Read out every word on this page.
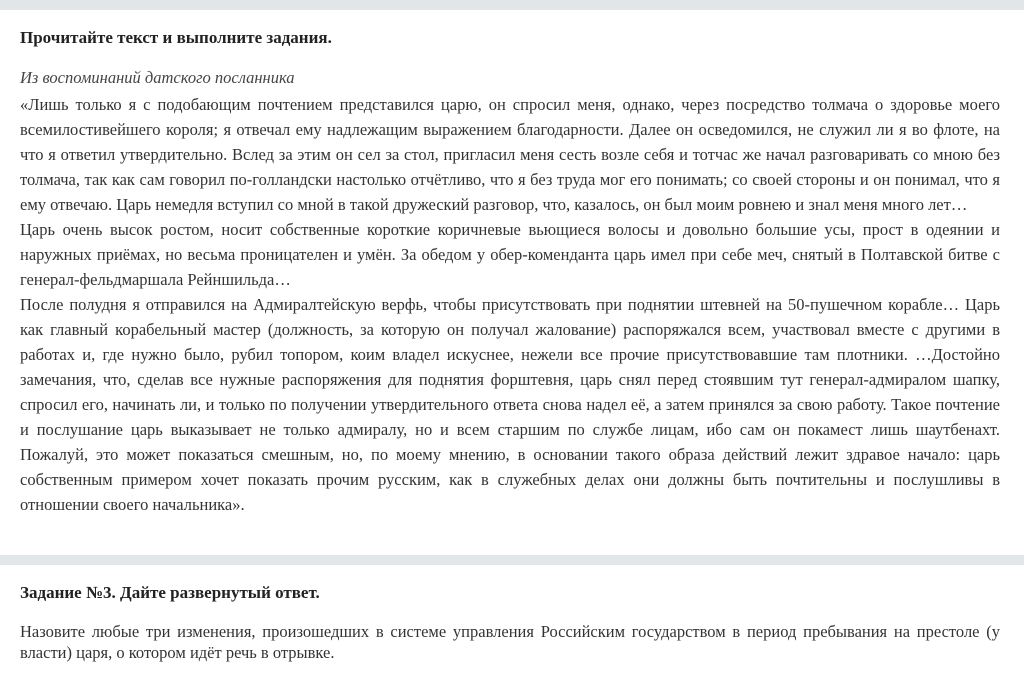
Прочитайте текст и выполните задания.
Из воспоминаний датского посланника

«Лишь только я с подобающим почтением представился царю, он спросил меня, однако, через посредство толмача о здоровье моего всемилостивейшего короля; я отвечал ему надлежащим выражением благодарности. Далее он осведомился, не служил ли я во флоте, на что я ответил утвердительно. Вслед за этим он сел за стол, пригласил меня сесть возле себя и тотчас же начал разговаривать со мною без толмача, так как сам говорил по-голландски настолько отчётливо, что я без труда мог его понимать; со своей стороны и он понимал, что я ему отвечаю. Царь немедля вступил со мной в такой дружеский разговор, что, казалось, он был моим ровнею и знал меня много лет…

Царь очень высок ростом, носит собственные короткие коричневые вьющиеся волосы и довольно большие усы, прост в одеянии и наружных приёмах, но весьма проницателен и умён. За обедом у обер-коменданта царь имел при себе меч, снятый в Полтавской битве с генерал-фельдмаршала Рейншильда…

После полудня я отправился на Адмиралтейскую верфь, чтобы присутствовать при поднятии штевней на 50-пушечном корабле… Царь как главный корабельный мастер (должность, за которую он получал жалование) распоряжался всем, участвовал вместе с другими в работах и, где нужно было, рубил топором, коим владел искуснее, нежели все прочие присутствовавшие там плотники. …Достойно замечания, что, сделав все нужные распоряжения для поднятия форштевня, царь снял перед стоявшим тут генерал-адмиралом шапку, спросил его, начинать ли, и только по получении утвердительного ответа снова надел её, а затем принялся за свою работу. Такое почтение и послушание царь выказывает не только адмиралу, но и всем старшим по службе лицам, ибо сам он покамест лишь шаутбенахт. Пожалуй, это может показаться смешным, но, по моему мнению, в основании такого образа действий лежит здравое начало: царь собственным примером хочет показать прочим русским, как в служебных делах они должны быть почтительны и послушливы в отношении своего начальника».

Задание №3. Дайте развернутый ответ.
Назовите любые три изменения, произошедших в системе управления Российским государством в период пребывания на престоле (у власти) царя, о котором идёт речь в отрывке.
